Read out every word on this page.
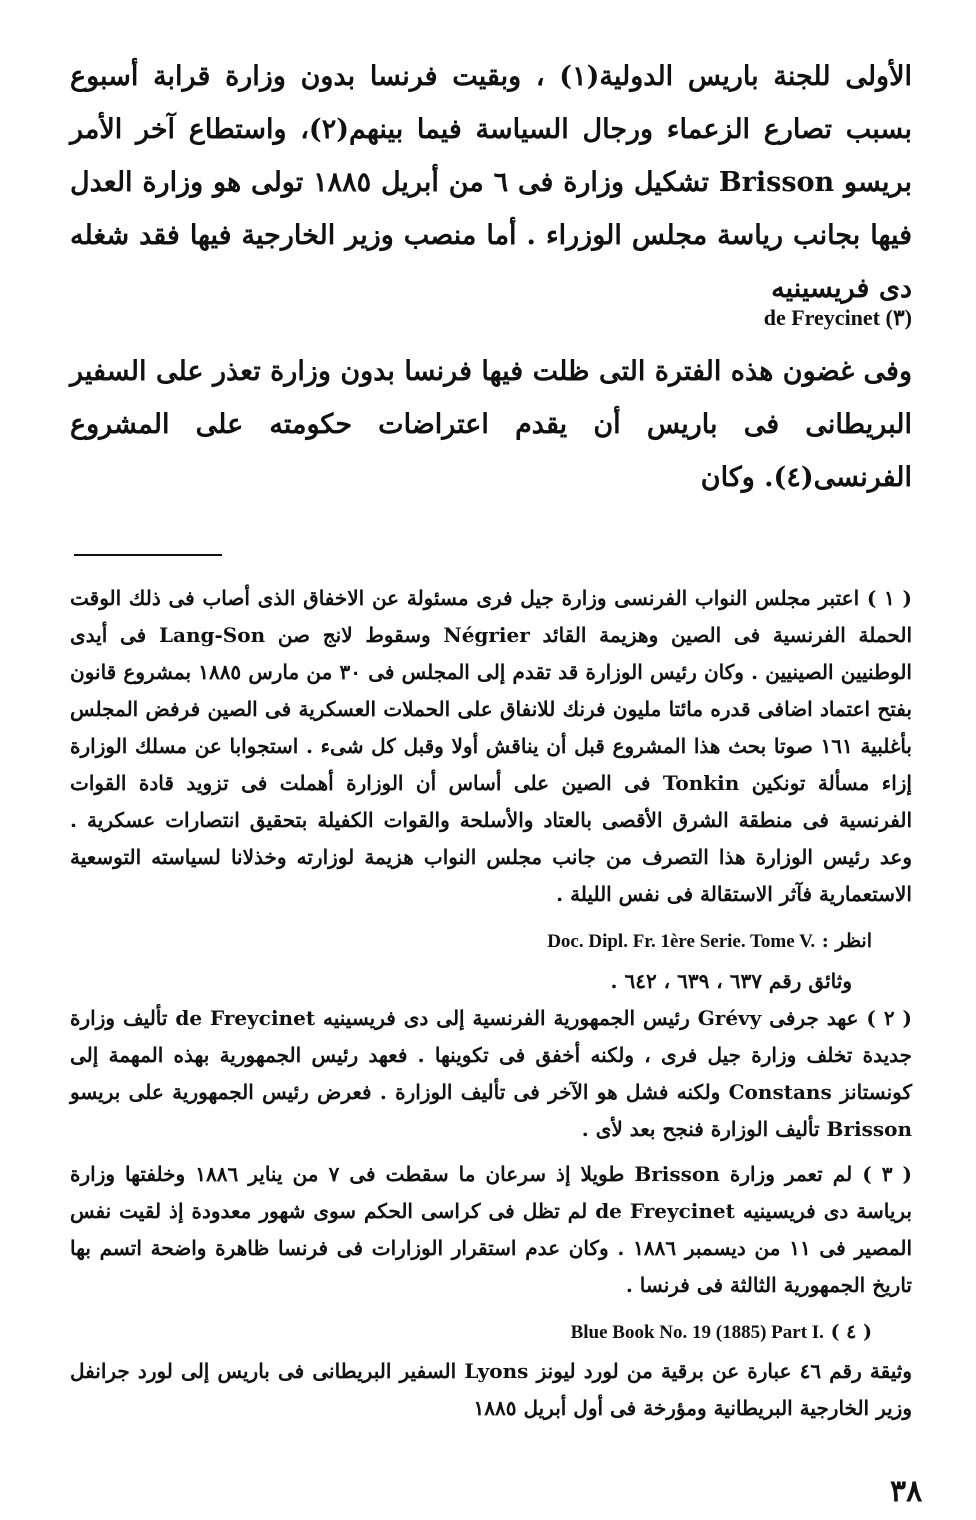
الأولى للجنة باريس الدولية(١) ، وبقيت فرنسا بدون وزارة قرابة أسبوع بسبب تصارع الزعماء ورجال السياسة فيما بينهم(٢)، واستطاع آخر الأمر بريسو Brisson تشكيل وزارة فى ٦ من أبريل ١٨٨٥ تولى هو وزارة العدل فيها بجانب رياسة مجلس الوزراء . أما منصب وزير الخارجية فيها فقد شغله دى فريسينيه

de Freycinet (٣)

وفى غضون هذه الفترة التى ظلت فيها فرنسا بدون وزارة تعذر على السفير البريطانى فى باريس أن يقدم اعتراضات حكومته على المشروع الفرنسى(٤). وكان

( ١ ) اعتبر مجلس النواب الفرنسى وزارة جيل فرى مسئولة عن الاخفاق الذى أصاب فى ذلك الوقت الحملة الفرنسية فى الصين وهزيمة القائد Négrier وسقوط لانج صن Lang-Son فى أيدى الوطنيين الصينيين . وكان رئيس الوزارة قد تقدم إلى المجلس فى ٣٠ من مارس ١٨٨٥ بمشروع قانون بفتح اعتماد اضافى قدره مائتا مليون فرنك للانفاق على الحملات العسكرية فى الصين فرفض المجلس بأغلبية ١٦١ صوتا بحث هذا المشروع قبل أن يناقش أولا وقبل كل شىء . استجوابا عن مسلك الوزارة إزاء مسألة تونكين Tonkin فى الصين على أساس أن الوزارة أهملت فى تزويد قادة القوات الفرنسية فى منطقة الشرق الأقصى بالعتاد والأسلحة والقوات الكفيلة بتحقيق انتصارات عسكرية . وعد رئيس الوزارة هذا التصرف من جانب مجلس النواب هزيمة لوزارته وخذلانا لسياسته التوسعية الاستعمارية فآثر الاستقالة فى نفس الليلة .

انظر : Doc. Dipl. Fr. 1ère Serie. Tome V.
وثائق رقم ٦٣٧ ، ٦٣٩ ، ٦٤٢ .

( ٢ ) عهد جرفى Grévy رئيس الجمهورية الفرنسية إلى دى فريسينيه de Freycinet تأليف وزارة جديدة تخلف وزارة جيل فرى ، ولكنه أخفق فى تكوينها . فعهد رئيس الجمهورية بهذه المهمة إلى كونستانز Constans ولكنه فشل هو الآخر فى تأليف الوزارة . فعرض رئيس الجمهورية على بريسو Brisson تأليف الوزارة فنجح بعد لأى .

( ٣ ) لم تعمر وزارة Brisson طويلا إذ سرعان ما سقطت فى ٧ من يناير ١٨٨٦ وخلفتها وزارة برياسة دى فريسينيه de Freycinet لم تظل فى كراسى الحكم سوى شهور معدودة إذ لقيت نفس المصير فى ١١ من ديسمبر ١٨٨٦ . وكان عدم استقرار الوزارات فى فرنسا ظاهرة واضحة اتسم بها تاريخ الجمهورية الثالثة فى فرنسا .

( ٤ ) Blue Book No. 19 (1885) Part I.

وثيقة رقم ٤٦ عبارة عن برقية من لورد ليونز Lyons السفير البريطانى فى باريس إلى لورد جرانفل وزير الخارجية البريطانية ومؤرخة فى أول أبريل ١٨٨٥

٣٨
